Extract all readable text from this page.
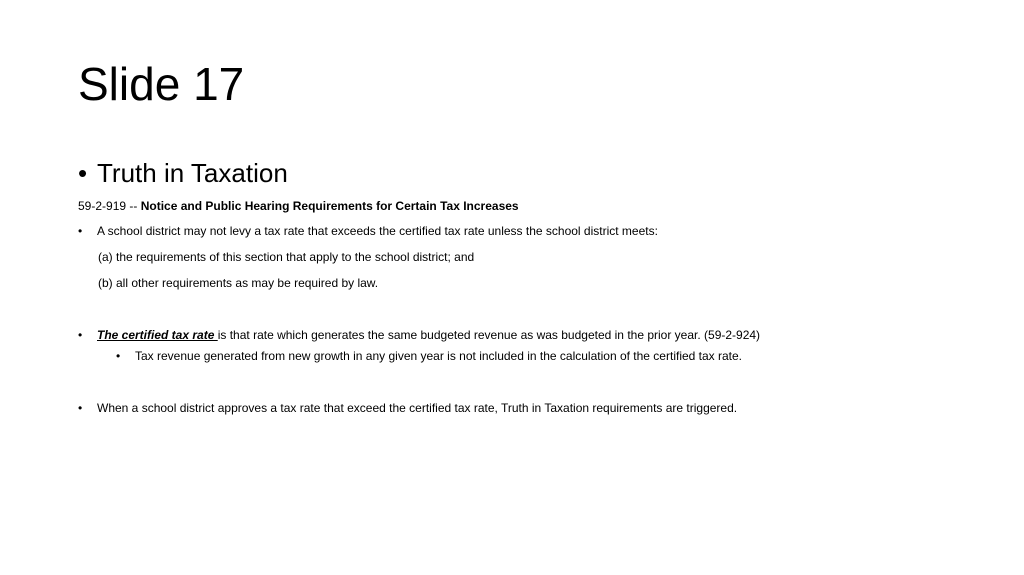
Slide 17
• Truth in Taxation
59-2-919 -- Notice and Public Hearing Requirements for Certain Tax Increases
• A school district may not levy a tax rate that exceeds the certified tax rate unless the school district meets:
(a) the requirements of this section that apply to the school district; and
(b) all other requirements as may be required by law.
• The certified tax rate is that rate which generates the same budgeted revenue as was budgeted in the prior year. (59-2-924)
• Tax revenue generated from new growth in any given year is not included in the calculation of the certified tax rate.
• When a school district approves a tax rate that exceed the certified tax rate, Truth in Taxation requirements are triggered.
